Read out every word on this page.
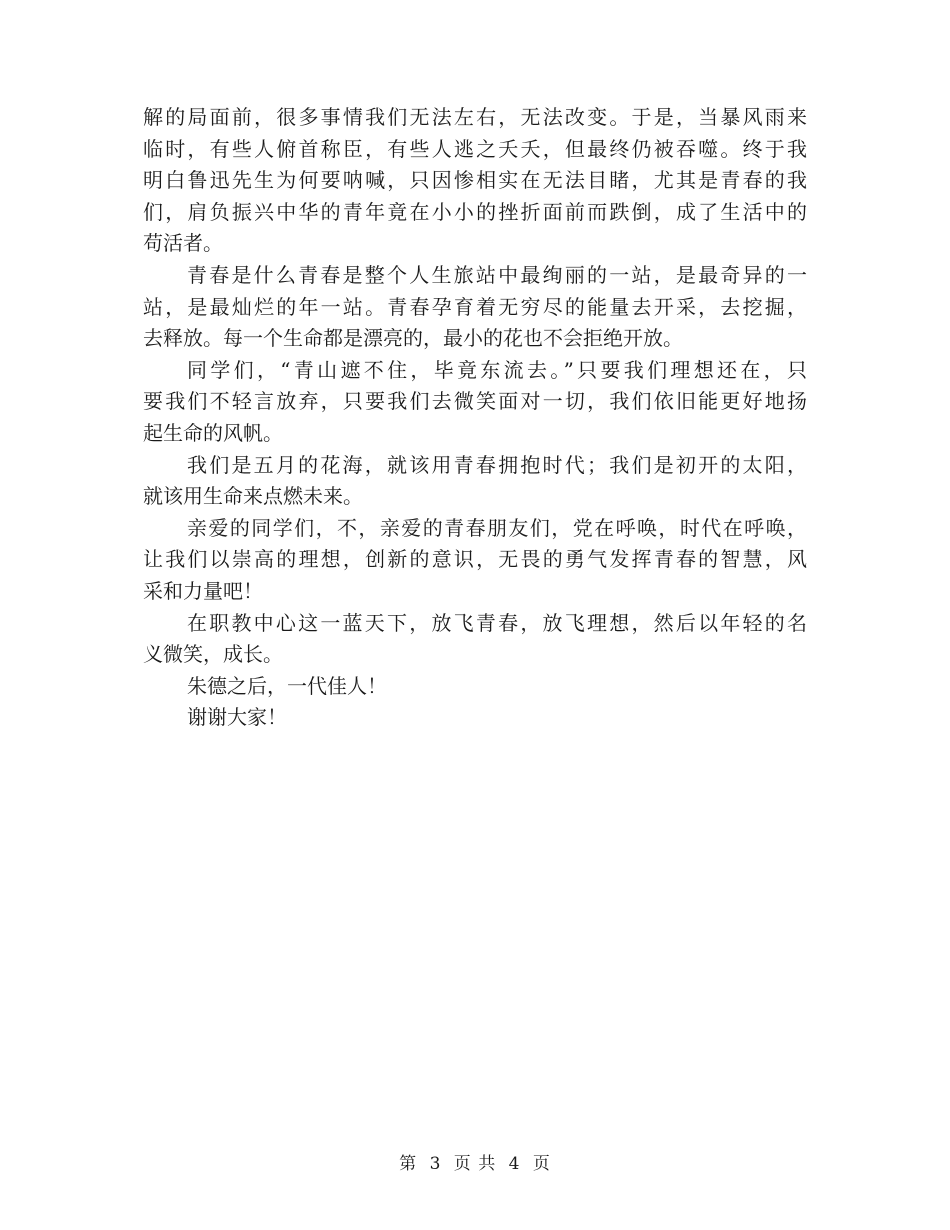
解的局面前，很多事情我们无法左右，无法改变。于是，当暴风雨来
临时，有些人俯首称臣，有些人逃之夭夭，但最终仍被吞噬。终于我
明白鲁迅先生为何要呐喊，只因惨相实在无法目睹，尤其是青春的我
们，肩负振兴中华的青年竟在小小的挫折面前而跌倒，成了生活中的
苟活者。
青春是什么青春是整个人生旅站中最绚丽的一站，是最奇异的一
站，是最灿烂的年一站。青春孕育着无穷尽的能量去开采，去挖掘，
去释放。每一个生命都是漂亮的，最小的花也不会拒绝开放。
同学们，“青山遮不住，毕竟东流去。”只要我们理想还在，只
要我们不轻言放弃，只要我们去微笑面对一切，我们依旧能更好地扬
起生命的风帆。
我们是五月的花海，就该用青春拥抱时代；我们是初开的太阳，
就该用生命来点燃未来。
亲爱的同学们，不，亲爱的青春朋友们，党在呼唤，时代在呼唤，
让我们以崇高的理想，创新的意识，无畏的勇气发挥青春的智慧，风
采和力量吧！
在职教中心这一蓝天下，放飞青春，放飞理想，然后以年轻的名
义微笑，成长。
朱德之后，一代佳人！
谢谢大家！
第 3 页 共 4 页
